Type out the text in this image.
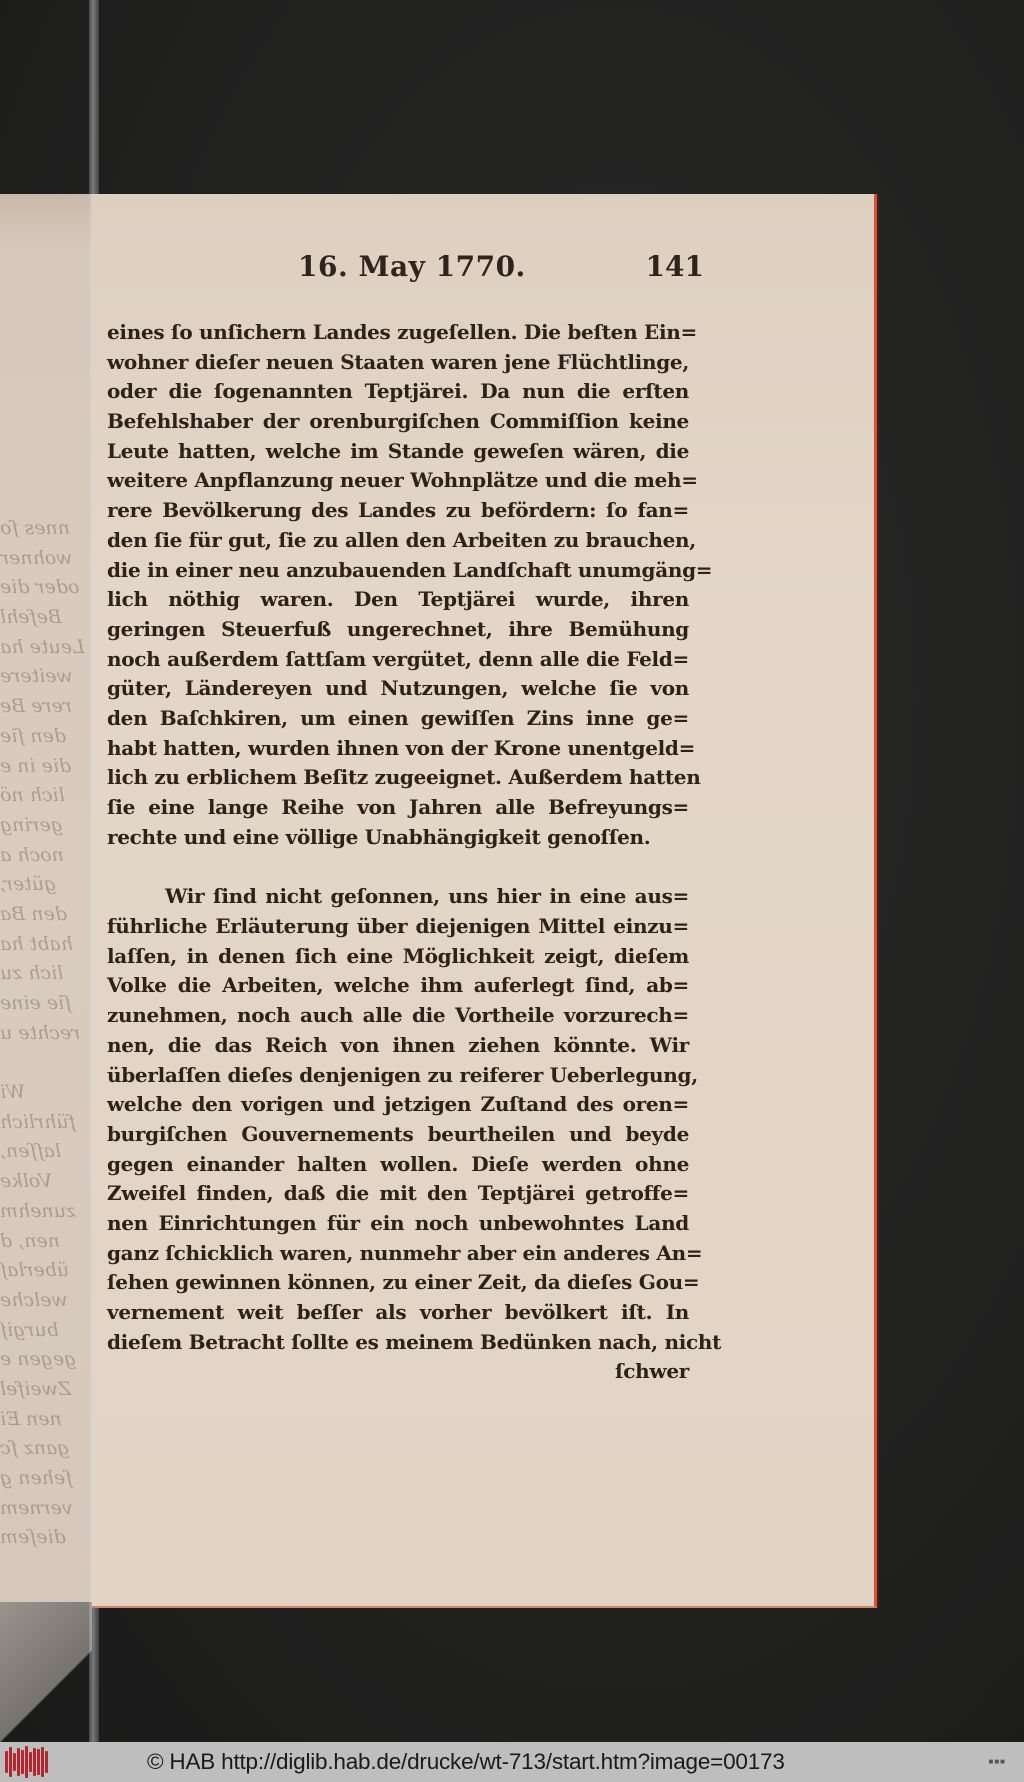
nnes ſo
wohner
oder die
Befehl
Leute ha
weitere
rere Be
den ſie
die in e
lich nö
gering
noch a
güter,
den Ba
habt ha
lich zu
ſie eine
rechte u
Wi
führlich
laſſen,
Volke
zunehm
nen, d
überlaſ
welche
burgiſ
gegen e
Zweifel
nen Ei
ganz ſc
ſehen g
vernem
dieſem
16. May 1770.	141
eines ſo unſichern Landes zugeſellen. Die beſten Ein=
wohner dieſer neuen Staaten waren jene Flüchtlinge,
oder die ſogenannten Teptjärei. Da nun die erſten
Befehlshaber der orenburgiſchen Commiſſion keine
Leute hatten, welche im Stande geweſen wären, die
weitere Anpflanzung neuer Wohnplätze und die meh=
rere Bevölkerung des Landes zu befördern: ſo fan=
den ſie für gut, ſie zu allen den Arbeiten zu brauchen,
die in einer neu anzubauenden Landſchaft unumgäng=
lich nöthig waren. Den Teptjärei wurde, ihren
geringen Steuerfuß ungerechnet, ihre Bemühung
noch außerdem ſattſam vergütet, denn alle die Feld=
güter, Ländereyen und Nutzungen, welche ſie von
den Baſchkiren, um einen gewiſſen Zins inne ge=
habt hatten, wurden ihnen von der Krone unentgeld=
lich zu erblichem Beſitz zugeeignet. Außerdem hatten
ſie eine lange Reihe von Jahren alle Befreyungs=
rechte und eine völlige Unabhängigkeit genoſſen.
Wir ſind nicht geſonnen, uns hier in eine aus=
führliche Erläuterung über diejenigen Mittel einzu=
laſſen, in denen ſich eine Möglichkeit zeigt, dieſem
Volke die Arbeiten, welche ihm auferlegt ſind, ab=
zunehmen, noch auch alle die Vortheile vorzurech=
nen, die das Reich von ihnen ziehen könnte. Wir
überlaſſen dieſes denjenigen zu reiferer Ueberlegung,
welche den vorigen und jetzigen Zuſtand des oren=
burgiſchen Gouvernements beurtheilen und beyde
gegen einander halten wollen. Dieſe werden ohne
Zweifel finden, daß die mit den Teptjärei getroffe=
nen Einrichtungen für ein noch unbewohntes Land
ganz ſchicklich waren, nunmehr aber ein anderes An=
ſehen gewinnen können, zu einer Zeit, da dieſes Gou=
vernement weit beſſer als vorher bevölkert iſt. In
dieſem Betracht ſollte es meinem Bedünken nach, nicht
ſchwer
© HAB http://diglib.hab.de/drucke/wt-713/start.htm?image=00173	■■■
